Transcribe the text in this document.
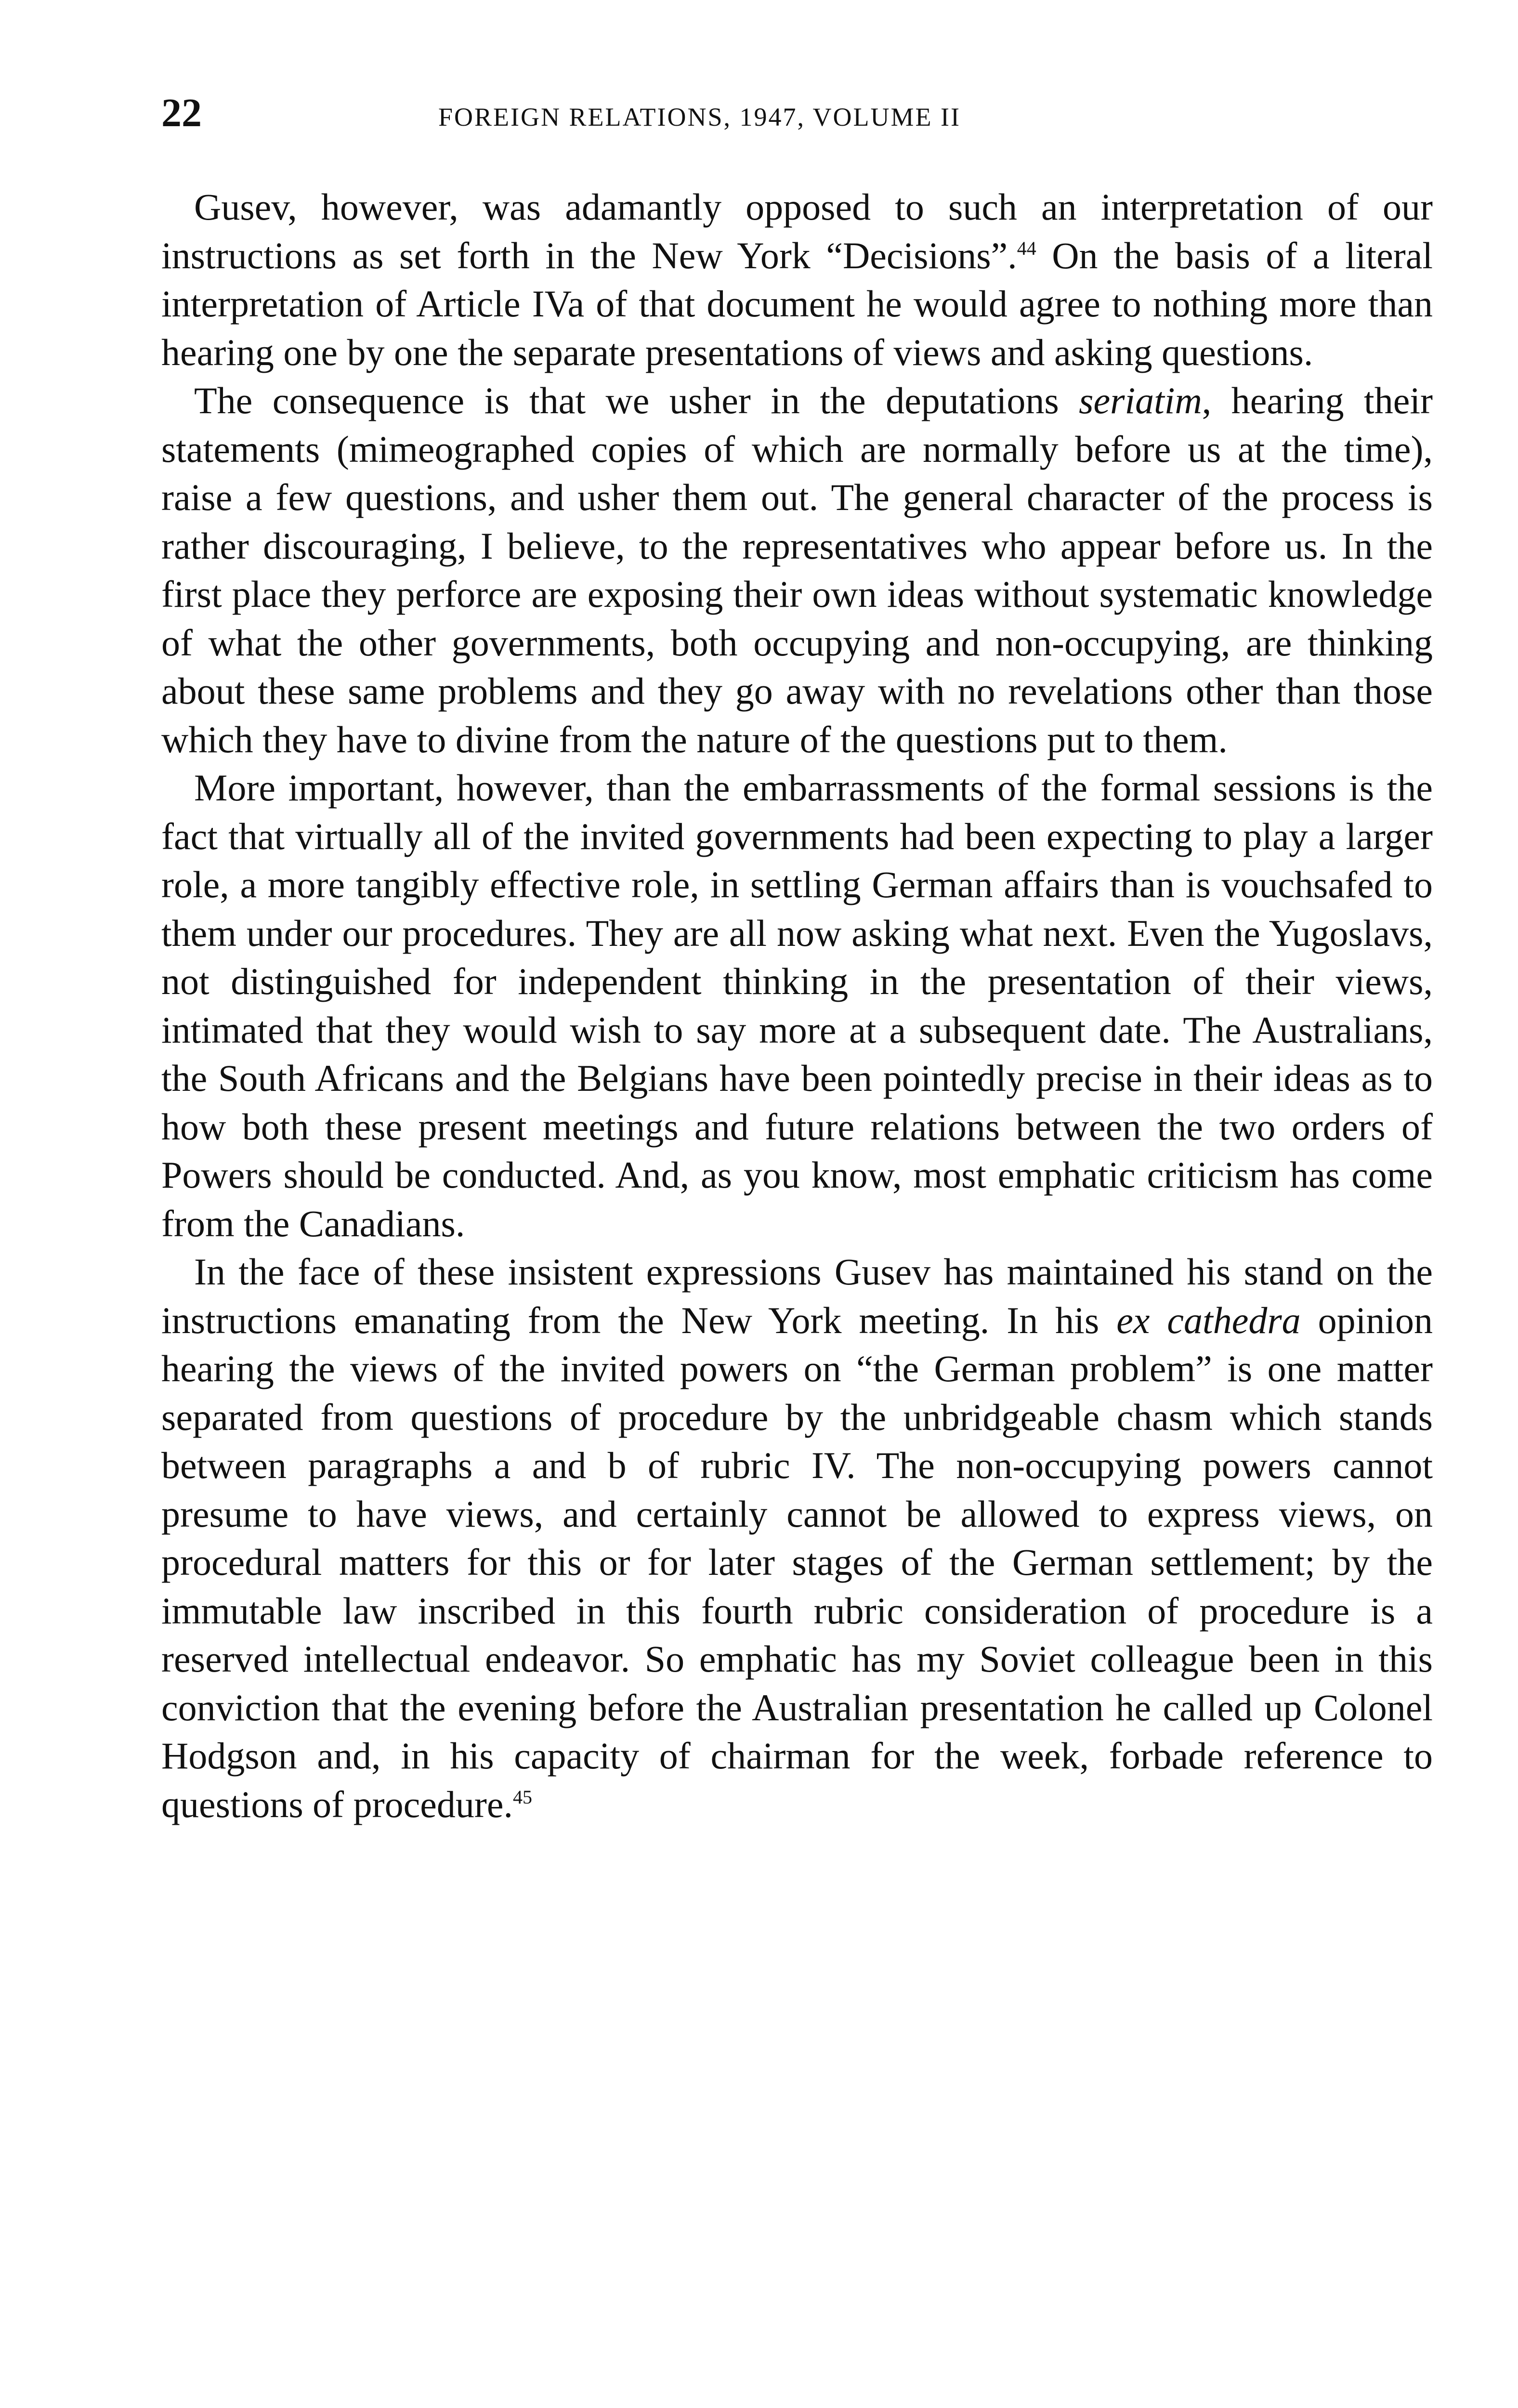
22	FOREIGN RELATIONS, 1947, VOLUME II

Gusev, however, was adamantly opposed to such an interpretation of our instructions as set forth in the New York “Decisions”.$^{44}$ On the basis of a literal interpretation of Article IVa of that document he would agree to nothing more than hearing one by one the separate presentations of views and asking questions.

The consequence is that we usher in the deputations seriatim, hearing their statements (mimeographed copies of which are normally before us at the time), raise a few questions, and usher them out. The general character of the process is rather discouraging, I believe, to the representatives who appear before us. In the first place they perforce are exposing their own ideas without systematic knowledge of what the other governments, both occupying and non-occupying, are thinking about these same problems and they go away with no revelations other than those which they have to divine from the nature of the questions put to them.

More important, however, than the embarrassments of the formal sessions is the fact that virtually all of the invited governments had been expecting to play a larger role, a more tangibly effective role, in settling German affairs than is vouchsafed to them under our procedures. They are all now asking what next. Even the Yugoslavs, not distinguished for independent thinking in the presentation of their views, intimated that they would wish to say more at a subsequent date. The Australians, the South Africans and the Belgians have been pointedly precise in their ideas as to how both these present meetings and future relations between the two orders of Powers should be conducted. And, as you know, most emphatic criticism has come from the Canadians.

In the face of these insistent expressions Gusev has maintained his stand on the instructions emanating from the New York meeting. In his ex cathedra opinion hearing the views of the invited powers on “the German problem” is one matter separated from questions of procedure by the unbridgeable chasm which stands between paragraphs a and b of rubric IV. The non-occupying powers cannot presume to have views, and certainly cannot be allowed to express views, on procedural matters for this or for later stages of the German settlement; by the immutable law inscribed in this fourth rubric consideration of procedure is a reserved intellectual endeavor. So emphatic has my Soviet colleague been in this conviction that the evening before the Australian presentation he called up Colonel Hodgson and, in his capacity of chairman for the week, forbade reference to questions of procedure.$^{45}$
